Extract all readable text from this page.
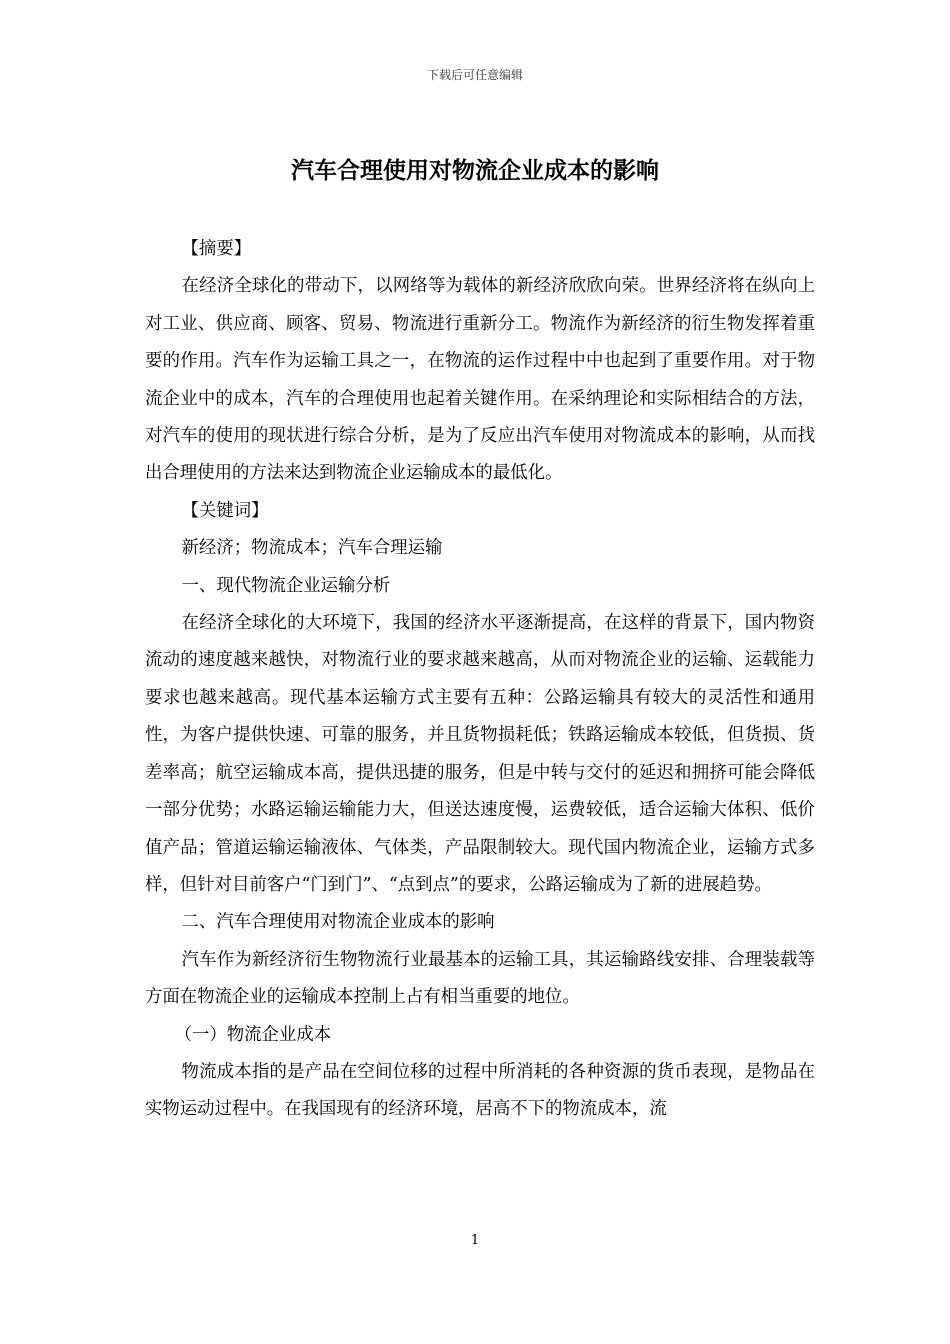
下载后可任意编辑
汽车合理使用对物流企业成本的影响

【摘要】

在经济全球化的带动下，以网络等为载体的新经济欣欣向荣。世界经济将在纵向上对工业、供应商、顾客、贸易、物流进行重新分工。物流作为新经济的衍生物发挥着重要的作用。汽车作为运输工具之一，在物流的运作过程中中也起到了重要作用。对于物流企业中的成本，汽车的合理使用也起着关键作用。在采纳理论和实际相结合的方法，对汽车的使用的现状进行综合分析，是为了反应出汽车使用对物流成本的影响，从而找出合理使用的方法来达到物流企业运输成本的最低化。

【关键词】

新经济；物流成本；汽车合理运输

一、现代物流企业运输分析

在经济全球化的大环境下，我国的经济水平逐渐提高，在这样的背景下，国内物资流动的速度越来越快，对物流行业的要求越来越高，从而对物流企业的运输、运载能力要求也越来越高。现代基本运输方式主要有五种：公路运输具有较大的灵活性和通用性，为客户提供快速、可靠的服务，并且货物损耗低；铁路运输成本较低，但货损、货差率高；航空运输成本高，提供迅捷的服务，但是中转与交付的延迟和拥挤可能会降低一部分优势；水路运输运输能力大，但送达速度慢，运费较低，适合运输大体积、低价值产品；管道运输运输液体、气体类，产品限制较大。现代国内物流企业，运输方式多样，但针对目前客户“门到门”、“点到点”的要求，公路运输成为了新的进展趋势。

二、汽车合理使用对物流企业成本的影响

汽车作为新经济衍生物物流行业最基本的运输工具，其运输路线安排、合理装载等方面在物流企业的运输成本控制上占有相当重要的地位。

（一）物流企业成本

物流成本指的是产品在空间位移的过程中所消耗的各种资源的货币表现，是物品在实物运动过程中。在我国现有的经济环境，居高不下的物流成本，流

1
